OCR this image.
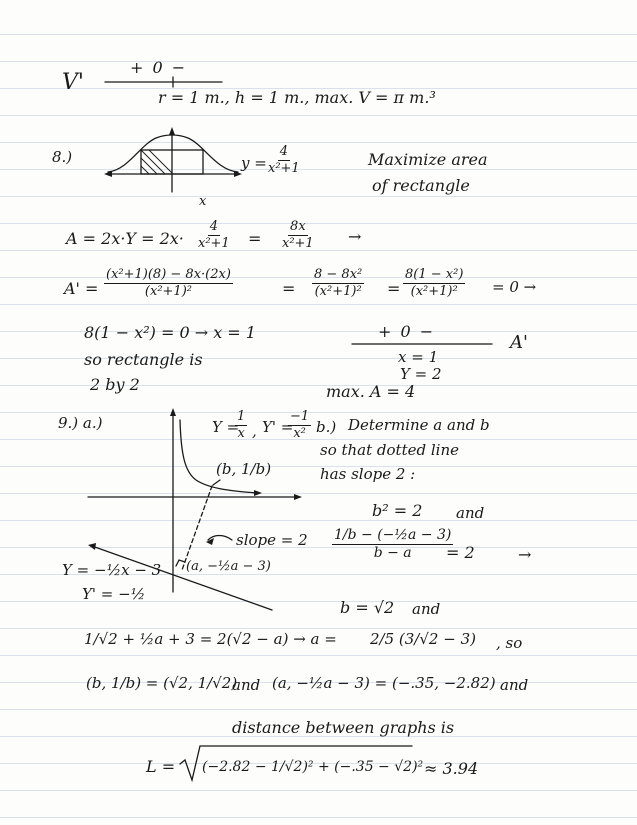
V'
+ 0 −
r = 1 m., h = 1 m., max. V = π m.³
8.)
x
$y = \frac{4}{\text{x²+1}}$	Maximize area
of rectangle
$A = 2x\cdot Y = 2x\cdot \frac{4}{\text{x²+1}} = \frac{8x}{\text{x²+1}}$ →
$A' = \frac{\text{(x²+1)(8) − 8x·(2x)}}{\text{(x²+1)²}}$	= $\frac{\text{8 − 8x²}}{\text{(x²+1)²}} = \frac{\text{8(1 − x²)}}{\text{(x²+1)²}} = 0$ →
8(1 − x²) = 0 → x = 1
so rectangle is
2 by 2
+ 0 −
A'
x = 1
Y = 2
max. A = 4
9.) a.)	Y =
$\frac{1}{x}$ , Y' =
$\frac{-1}{\text{x²}}$
(b, 1/b)
slope = 2
(a, −½a − 3)
Y = −½x − 3
Y' = −½
b.) Determine a and b
so that dotted line
has slope 2 :
b² = 2 and
$\frac{\text{1/b − (−½a − 3)}}{b - a}$
= 2	→
b = √2 and
1/√2 + ½a + 3 = 2(√2 − a) → a = 2/5 (3/√2 − 3) , so
(b, 1/b) = (√2, 1/√2)
and (a, −½a − 3) = (−.35, −2.82) and
distance between graphs is
L = (−2.82 − 1/√2)² + (−.35 − √2)² ≈ 3.94
